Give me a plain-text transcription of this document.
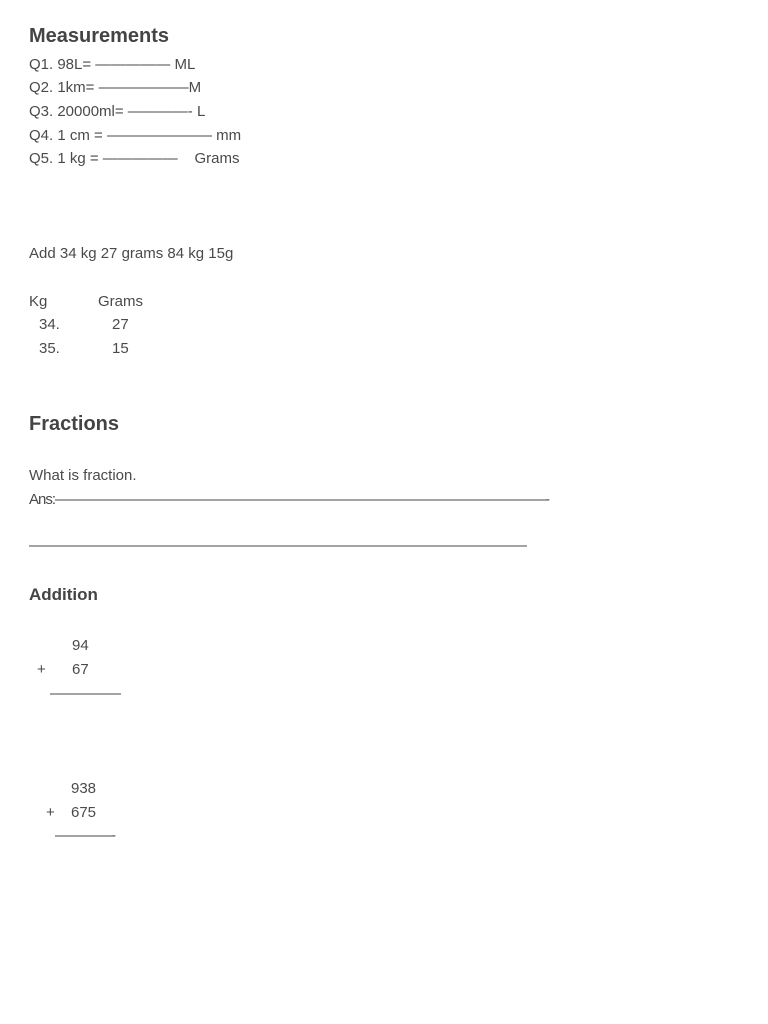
Measurements
Q1. 98L= ————— ML
Q2. 1km= ——————M
Q3. 20000ml= ————- L
Q4. 1 cm = ——————— mm
Q5. 1 kg = —————    Grams
Add 34 kg 27 grams 84 kg 15g
Kg	Grams
34.	27
35.	15
Fractions
What is fraction.
Ans:———————————————————————————————————-
————————————————————————————————————
Addition
94
+ 67
—————
938
+ 675
————-
